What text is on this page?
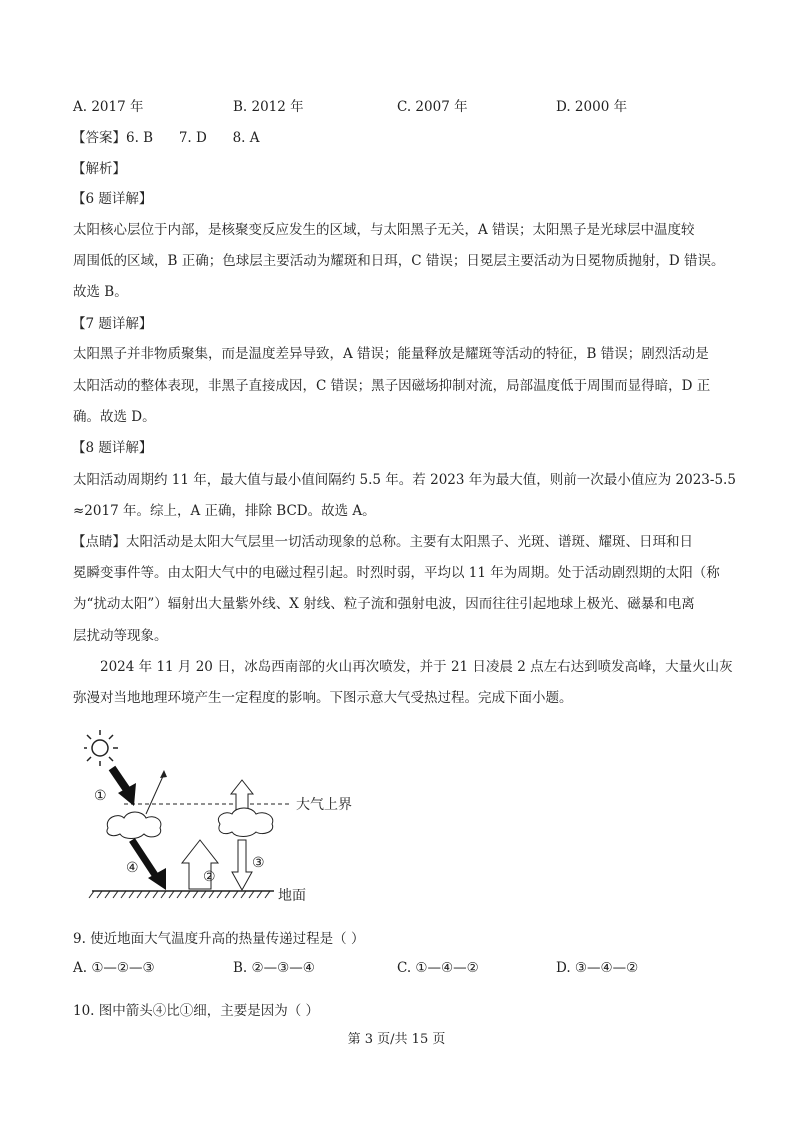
A. 2017 年	B. 2012 年	C. 2007 年	D. 2000 年
【答案】6. B      7. D      8. A
【解析】
【6 题详解】
太阳核心层位于内部，是核聚变反应发生的区域，与太阳黑子无关，A 错误；太阳黑子是光球层中温度较
周围低的区域，B 正确；色球层主要活动为耀斑和日珥，C 错误；日冕层主要活动为日冕物质抛射，D 错误。
故选 B。
【7 题详解】
太阳黑子并非物质聚集，而是温度差异导致，A 错误；能量释放是耀斑等活动的特征，B 错误；剧烈活动是
太阳活动的整体表现，非黑子直接成因，C 错误；黑子因磁场抑制对流，局部温度低于周围而显得暗，D 正
确。故选 D。
【8 题详解】
太阳活动周期约 11 年，最大值与最小值间隔约 5.5 年。若 2023 年为最大值，则前一次最小值应为 2023-5.5
≈2017 年。综上，A 正确，排除 BCD。故选 A。
【点睛】太阳活动是太阳大气层里一切活动现象的总称。主要有太阳黑子、光斑、谱斑、耀斑、日珥和日
冕瞬变事件等。由太阳大气中的电磁过程引起。时烈时弱，平均以 11 年为周期。处于活动剧烈期的太阳（称
为“扰动太阳”）辐射出大量紫外线、X 射线、粒子流和强射电波，因而往往引起地球上极光、磁暴和电离
层扰动等现象。
2024 年 11 月 20 日，冰岛西南部的火山再次喷发，并于 21 日凌晨 2 点左右达到喷发高峰，大量火山灰
弥漫对当地地理环境产生一定程度的影响。下图示意大气受热过程。完成下面小题。
①
④
②
③
大气上界
地面
9. 使近地面大气温度升高的热量传递过程是（ ）
A. ①—②—③	B. ②—③—④	C. ①—④—②	D. ③—④—②
10. 图中箭头④比①细，主要是因为（ ）
第 3 页/共 15 页
